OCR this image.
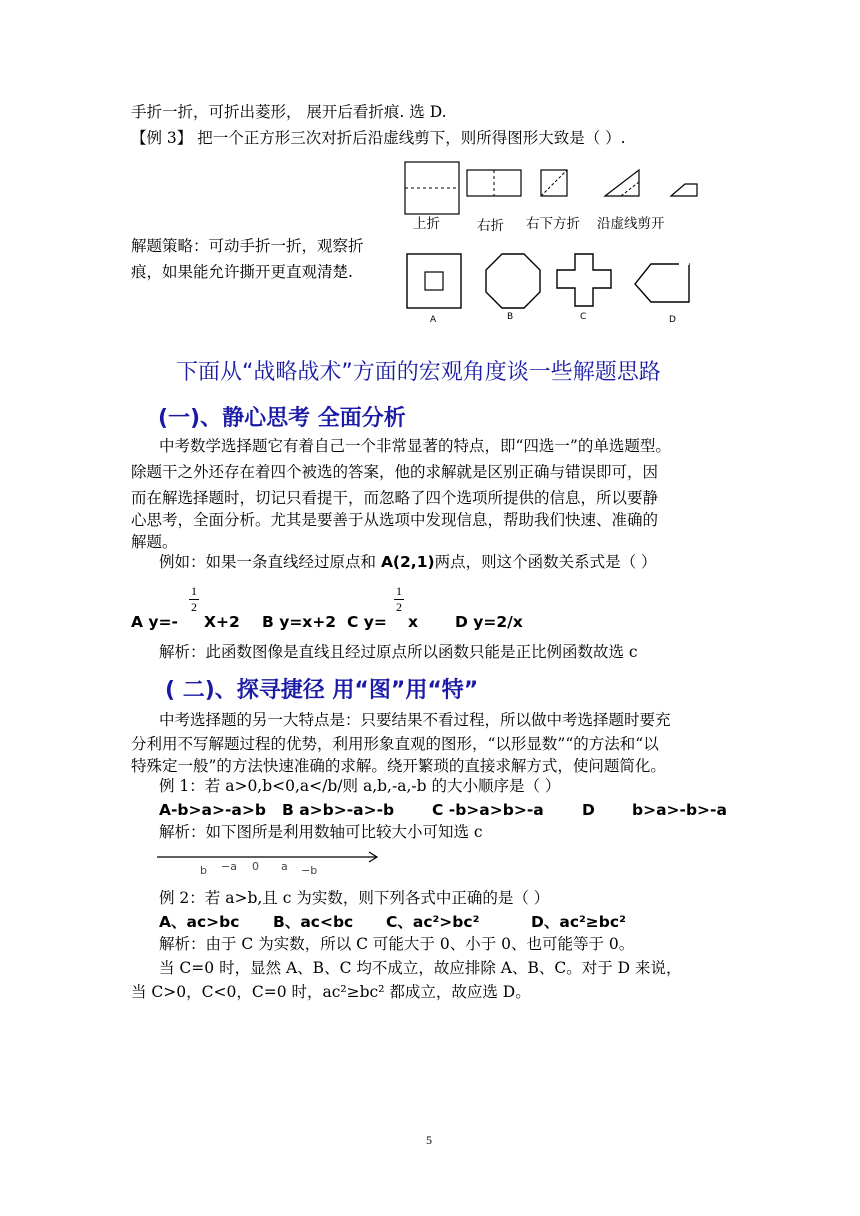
手折一折，可折出菱形， 展开后看折痕. 选 D.
【例 3】 把一个正方形三次对折后沿虚线剪下，则所得图形大致是（ ）.
上折	右折 右下方折 沿虚线剪开
解题策略：可动手折一折，观察折
痕，如果能允许撕开更直观清楚.
A	B	C	D
下面从“战略战术”方面的宏观角度谈一些解题思路
(一)、静心思考 全面分析
中考数学选择题它有着自己一个非常显著的特点，即“四选一”的单选题型。
除题干之外还存在着四个被选的答案，他的求解就是区别正确与错误即可，因
而在解选择题时，切记只看提干，而忽略了四个选项所提供的信息，所以要静
心思考，全面分析。尤其是要善于从选项中发现信息，帮助我们快速、准确的
解题。
例如：如果一条直线经过原点和 A(2,1)两点，则这个函数关系式是（ ）
1
2
1
2
A y=- X+2 B y=x+2 C y= x D y=2/x
解析：此函数图像是直线且经过原点所以函数只能是正比例函数故选 c
( 二)、探寻捷径 用“图”用“特”
中考选择题的另一大特点是：只要结果不看过程，所以做中考选择题时要充
分利用不写解题过程的优势，利用形象直观的图形，“以形显数”“的方法和“以
特殊定一般”的方法快速准确的求解。绕开繁琐的直接求解方式，使问题简化。
例 1：若 a>0,b<0,a</b/则 a,b,-a,-b 的大小顺序是（ ）
A-b>a>-a>b B a>b>-a>-b C -b>a>b>-a D b>a>-b>-a
解析：如下图所是利用数轴可比较大小可知选 c
b −a 0 a −b
例 2：若 a>b,且 c 为实数，则下列各式中正确的是（ ）
A、ac>bc B、ac<bc C、ac²>bc²	D、ac²≥bc²
解析：由于 C 为实数，所以 C 可能大于 0、小于 0、也可能等于 0。
当 C=0 时，显然 A、B、C 均不成立，故应排除 A、B、C。对于 D 来说，
当 C>0，C<0，C=0 时，ac²≥bc² 都成立，故应选 D。
5
